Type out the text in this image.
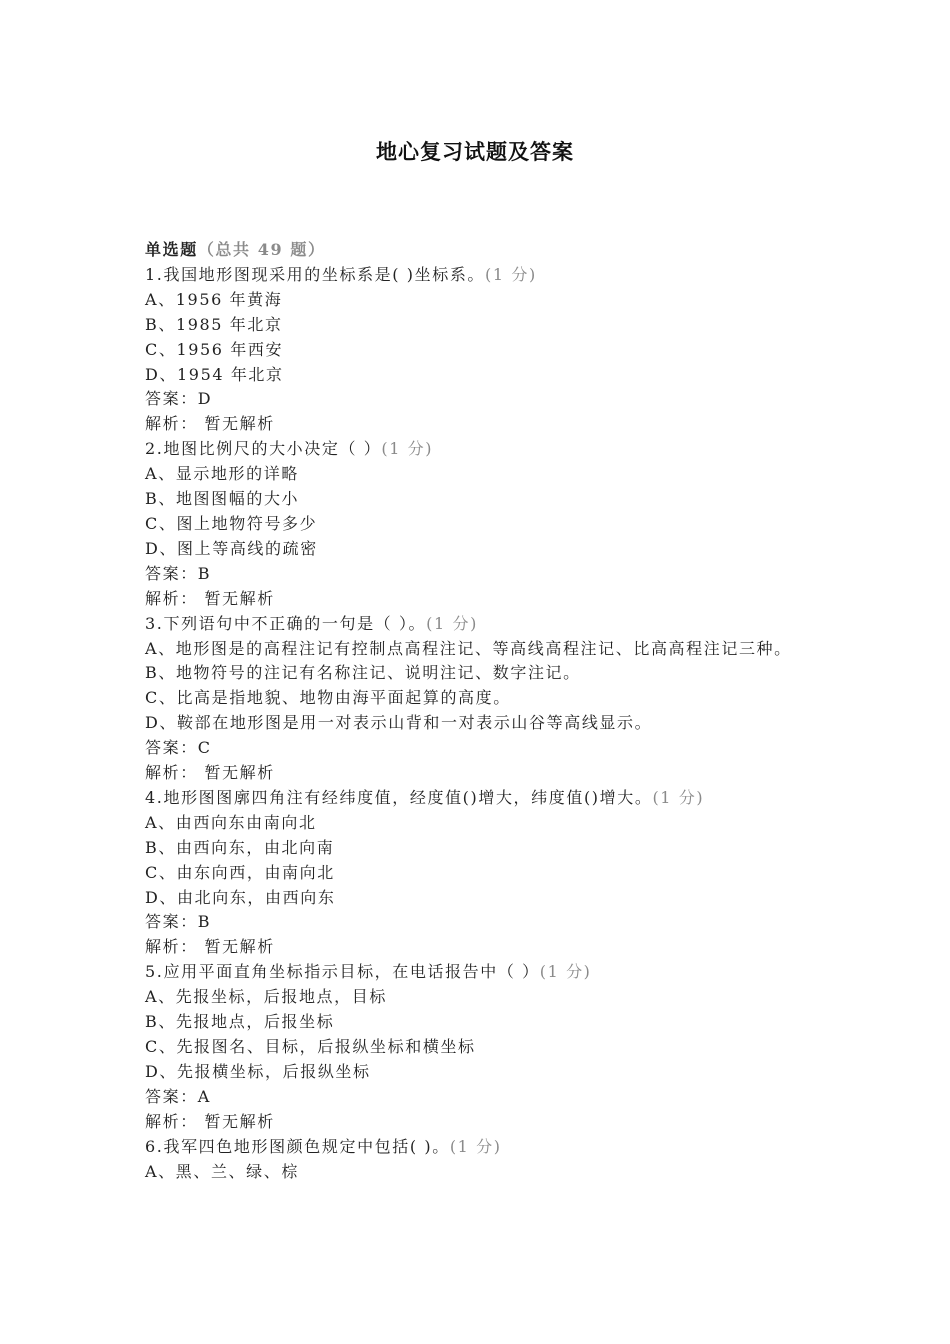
地心复习试题及答案

单选题（总共 49 题）

1.我国地形图现采用的坐标系是( )坐标系。(1 分)

A、1956 年黄海

B、1985 年北京

C、1956 年西安

D、1954 年北京

答案：D

解析： 暂无解析

2.地图比例尺的大小决定（ ）(1 分)

A、显示地形的详略

B、地图图幅的大小

C、图上地物符号多少

D、图上等高线的疏密

答案：B

解析： 暂无解析

3.下列语句中不正确的一句是（ ）。(1 分)

A、地形图是的高程注记有控制点高程注记、等高线高程注记、比高高程注记三种。

B、地物符号的注记有名称注记、说明注记、数字注记。

C、比高是指地貌、地物由海平面起算的高度。

D、鞍部在地形图是用一对表示山背和一对表示山谷等高线显示。

答案：C

解析： 暂无解析

4.地形图图廓四角注有经纬度值，经度值()增大，纬度值()增大。(1 分)

A、由西向东由南向北

B、由西向东，由北向南

C、由东向西，由南向北

D、由北向东，由西向东

答案：B

解析： 暂无解析

5.应用平面直角坐标指示目标，在电话报告中（ ）(1 分)

A、先报坐标，后报地点，目标

B、先报地点，后报坐标

C、先报图名、目标，后报纵坐标和横坐标

D、先报横坐标，后报纵坐标

答案：A

解析： 暂无解析

6.我军四色地形图颜色规定中包括( )。(1 分)

A、黑、兰、绿、棕
